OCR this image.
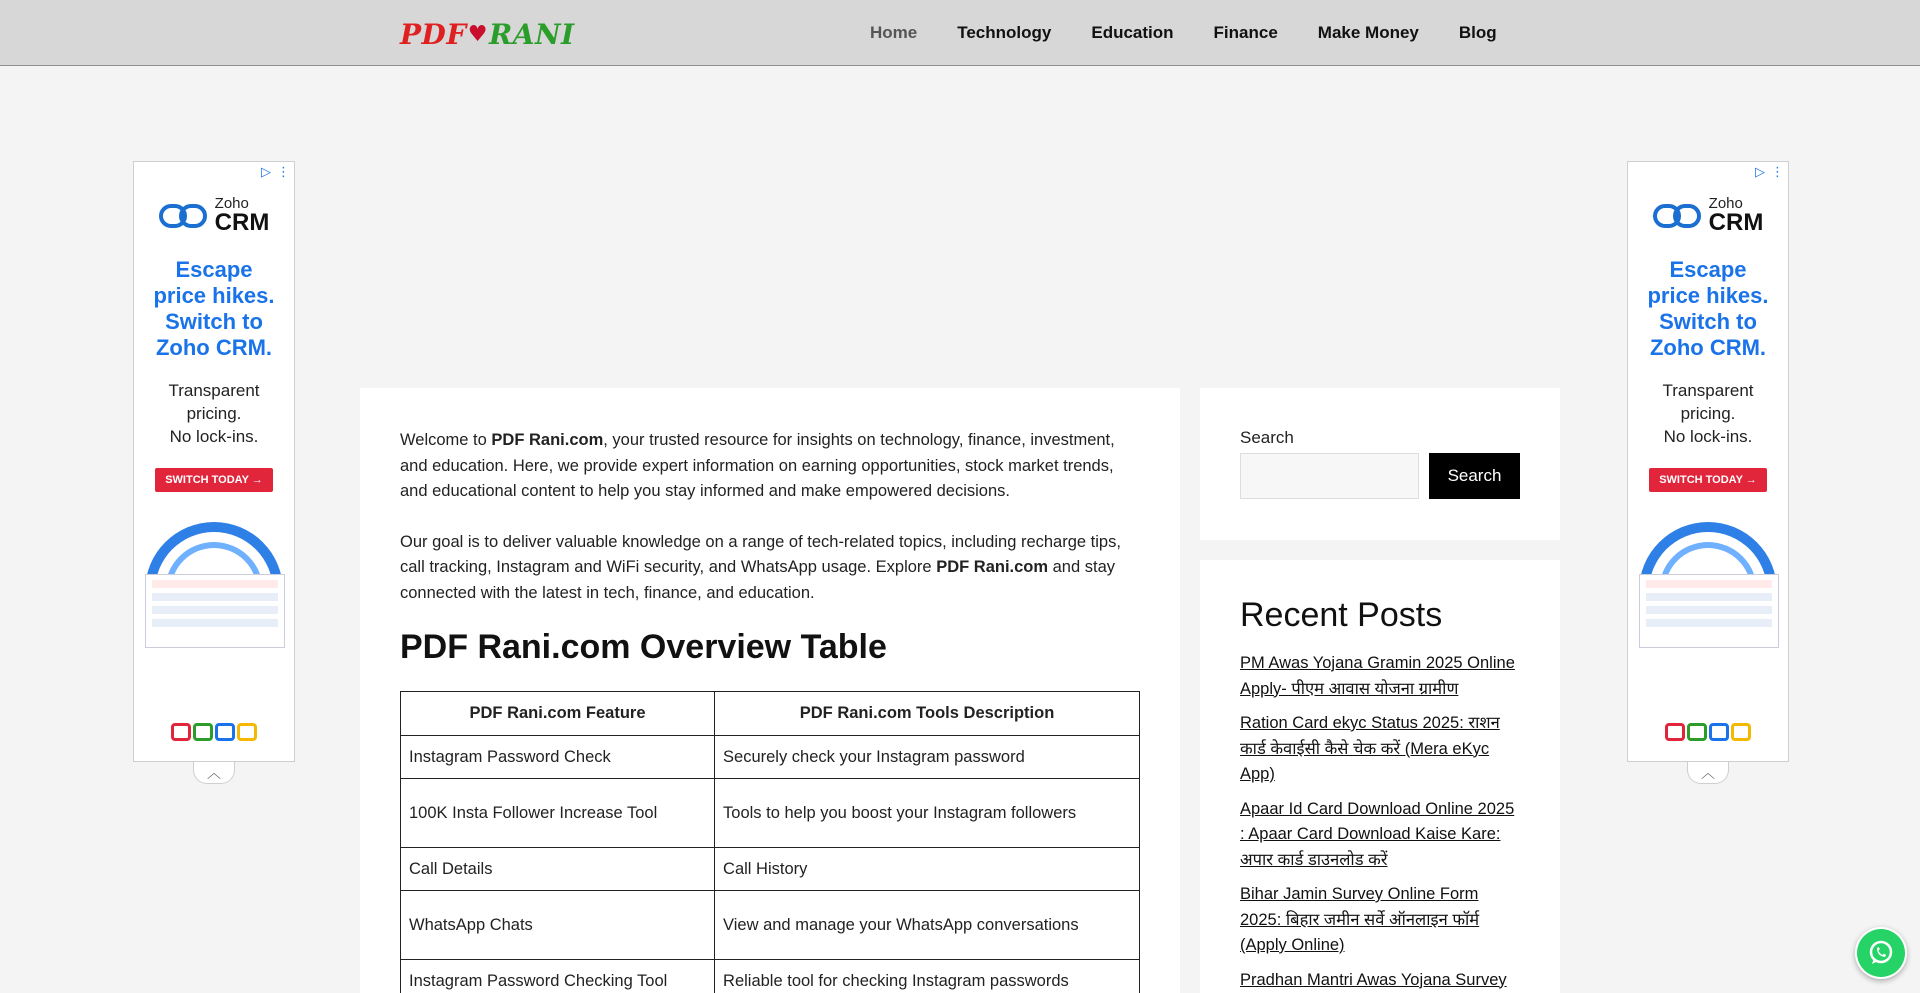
PDF ♥ RANI	Home Technology Education Finance Make Money Blog
▷ ⋮
Zoho
CRM
Escape
price hikes.
Switch to
Zoho CRM.
Transparent
pricing.
No lock-ins.
SWITCH TODAY →
︿
▷ ⋮
Zoho
CRM
Escape
price hikes.
Switch to
Zoho CRM.
Transparent
pricing.
No lock-ins.
SWITCH TODAY →
︿

Welcome to PDF Rani.com, your trusted resource for insights on technology, finance, investment, and education. Here, we provide expert information on earning opportunities, stock market trends, and educational content to help you stay informed and make empowered decisions.

Our goal is to deliver valuable knowledge on a range of tech-related topics, including recharge tips, call tracking, Instagram and WiFi security, and WhatsApp usage. Explore PDF Rani.com and stay connected with the latest in tech, finance, and education.

PDF Rani.com Overview Table
PDF Rani.com Feature	PDF Rani.com Tools Description
Instagram Password Check	Securely check your Instagram password
100K Insta Follower Increase Tool	Tools to help you boost your Instagram followers
Call Details	Call History
WhatsApp Chats	View and manage your WhatsApp conversations
Instagram Password Checking Tool	Reliable tool for checking Instagram passwords
Search
Search
Recent Posts
PM Awas Yojana Gramin 2025 Online Apply- पीएम आवास योजना ग्रामीण
Ration Card ekyc Status 2025: राशन कार्ड केवाईसी कैसे चेक करें (Mera eKyc App)
Apaar Id Card Download Online 2025 : Apaar Card Download Kaise Kare: अपार कार्ड डाउनलोड करें
Bihar Jamin Survey Online Form 2025: बिहार जमीन सर्वे ऑनलाइन फॉर्म (Apply Online)
Pradhan Mantri Awas Yojana Survey
